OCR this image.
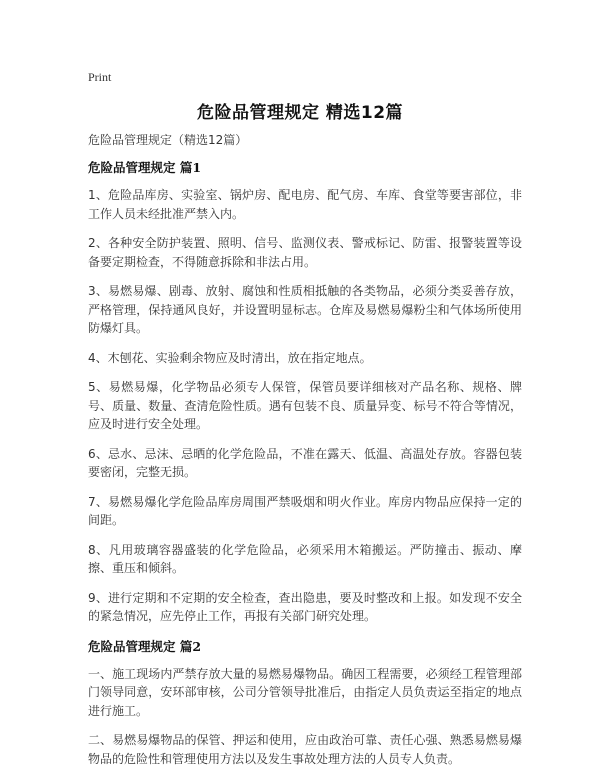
Print
危险品管理规定 精选12篇
危险品管理规定（精选12篇）
危险品管理规定 篇1

1、危险品库房、实验室、锅炉房、配电房、配气房、车库、食堂等要害部位，非工作人员未经批准严禁入内。

2、各种安全防护装置、照明、信号、监测仪表、警戒标记、防雷、报警装置等设备要定期检查，不得随意拆除和非法占用。

3、易燃易爆、剧毒、放射、腐蚀和性质相抵触的各类物品，必须分类妥善存放，严格管理，保持通风良好，并设置明显标志。仓库及易燃易爆粉尘和气体场所使用防爆灯具。

4、木刨花、实验剩余物应及时清出，放在指定地点。

5、易燃易爆，化学物品必须专人保管，保管员要详细核对产品名称、规格、牌号、质量、数量、查清危险性质。遇有包装不良、质量异变、标号不符合等情况，应及时进行安全处理。

6、忌水、忌沫、忌晒的化学危险品，不准在露天、低温、高温处存放。容器包装要密闭，完整无损。

7、易燃易爆化学危险品库房周围严禁吸烟和明火作业。库房内物品应保持一定的间距。

8、凡用玻璃容器盛装的化学危险品，必须采用木箱搬运。严防撞击、振动、摩擦、重压和倾斜。

9、进行定期和不定期的安全检查，查出隐患，要及时整改和上报。如发现不安全的紧急情况，应先停止工作，再报有关部门研究处理。

危险品管理规定 篇2

一、施工现场内严禁存放大量的易燃易爆物品。确因工程需要，必须经工程管理部门领导同意，安环部审核，公司分管领导批准后，由指定人员负责运至指定的地点进行施工。

二、易燃易爆物品的保管、押运和使用，应由政治可靠、责任心强、熟悉易燃易爆物品的危险性和管理使用方法以及发生事故处理方法的人员专人负责。
